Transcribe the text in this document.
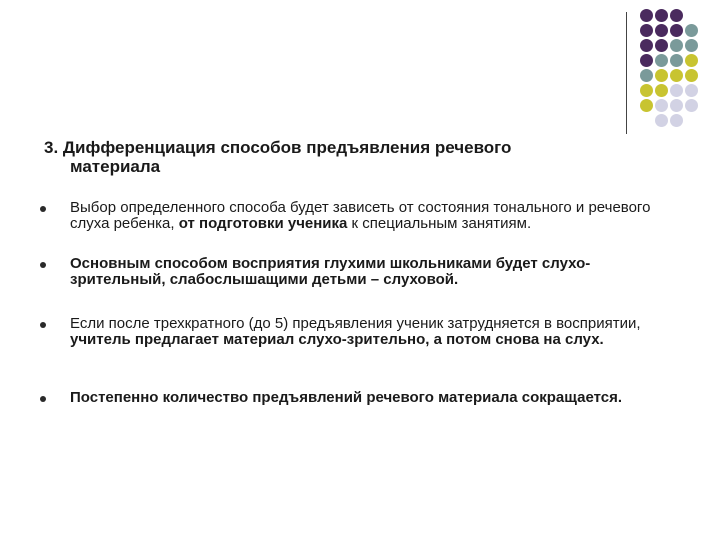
3. Дифференциация способов предъявления речевого
материала
Выбор определенного способа будет зависеть от состояния тонального и речевого слуха ребенка, от подготовки ученика к специальным занятиям.
Основным способом восприятия глухими школьниками будет слухо-зрительный, слабослышащими детьми – слуховой.
Если после трехкратного (до 5) предъявления ученик затрудняется в восприятии, учитель предлагает материал слухо-зрительно, а потом снова на слух.
Постепенно количество предъявлений речевого материала сокращается.
